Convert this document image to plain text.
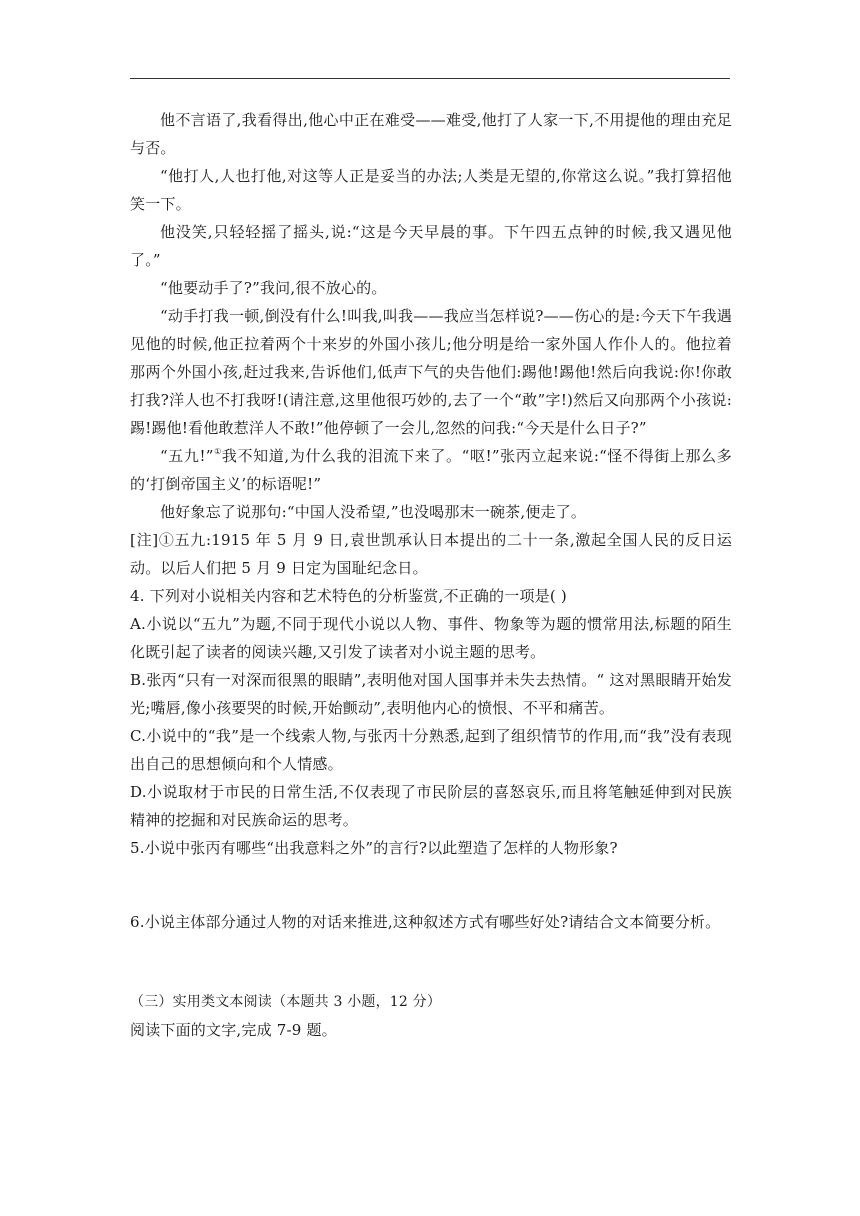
他不言语了,我看得出,他心中正在难受——难受,他打了人家一下,不用提他的理由充足与否。

“他打人,人也打他,对这等人正是妥当的办法;人类是无望的,你常这么说。”我打算招他笑一下。

他没笑,只轻轻摇了摇头,说:“这是今天早晨的事。下午四五点钟的时候,我又遇见他了。”

“他要动手了?”我问,很不放心的。

“动手打我一顿,倒没有什么!叫我,叫我——我应当怎样说?——伤心的是:今天下午我遇见他的时候,他正拉着两个十来岁的外国小孩儿;他分明是给一家外国人作仆人的。他拉着那两个外国小孩,赶过我来,告诉他们,低声下气的央告他们:踢他!踢他!然后向我说:你!你敢打我?洋人也不打我呀!(请注意,这里他很巧妙的,去了一个“敢”字!)然后又向那两个小孩说:踢!踢他!看他敢惹洋人不敢!”他停顿了一会儿,忽然的问我:“今天是什么日子?”

“五九!”①我不知道,为什么我的泪流下来了。“呕!”张丙立起来说:“怪不得街上那么多的‘打倒帝国主义’的标语呢!”

他好象忘了说那句:“中国人没希望,”也没喝那末一碗茶,便走了。

[注]①五九:1915 年 5 月 9 日,袁世凯承认日本提出的二十一条,激起全国人民的反日运动。以后人们把 5 月 9 日定为国耻纪念日。

4. 下列对小说相关内容和艺术特色的分析鉴赏,不正确的一项是( )

A.小说以“五九”为题,不同于现代小说以人物、事件、物象等为题的惯常用法,标题的陌生化既引起了读者的阅读兴趣,又引发了读者对小说主题的思考。

B.张丙“只有一对深而很黑的眼睛”,表明他对国人国事并未失去热情。“ 这对黑眼睛开始发光;嘴唇,像小孩要哭的时候,开始颤动”,表明他内心的愤恨、不平和痛苦。

C.小说中的“我”是一个线索人物,与张丙十分熟悉,起到了组织情节的作用,而“我”没有表现出自己的思想倾向和个人情感。

D.小说取材于市民的日常生活,不仅表现了市民阶层的喜怒哀乐,而且将笔触延伸到对民族精神的挖掘和对民族命运的思考。

5.小说中张丙有哪些“出我意料之外”的言行?以此塑造了怎样的人物形象?

6.小说主体部分通过人物的对话来推进,这种叙述方式有哪些好处?请结合文本简要分析。

（三）实用类文本阅读（本题共 3 小题，12 分）

阅读下面的文字,完成 7-9 题。
